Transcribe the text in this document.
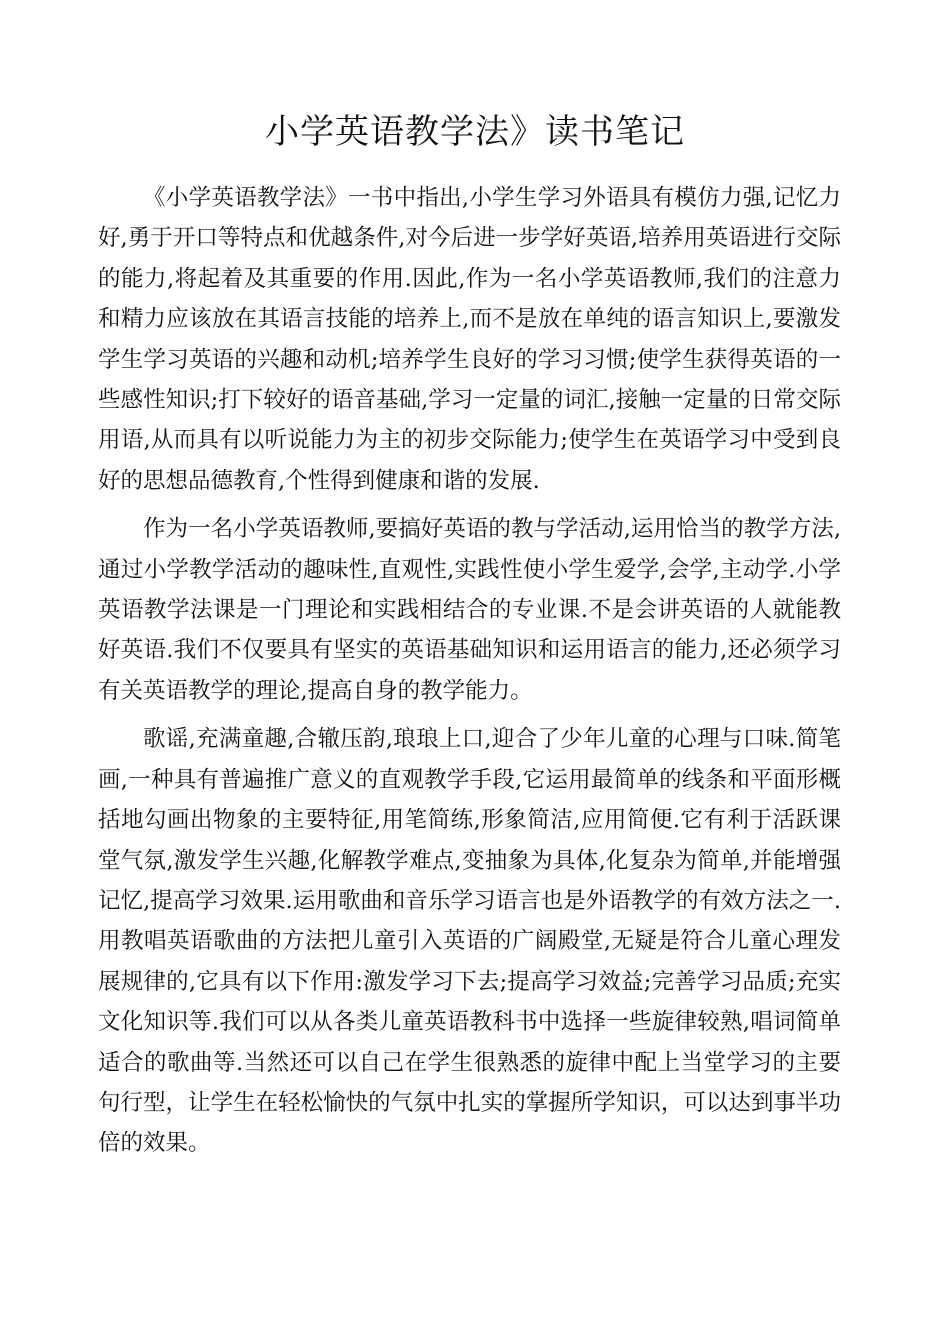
小学英语教学法》读书笔记

《小学英语教学法》一书中指出,小学生学习外语具有模仿力强,记忆力好,勇于开口等特点和优越条件,对今后进一步学好英语,培养用英语进行交际的能力,将起着及其重要的作用.因此,作为一名小学英语教师,我们的注意力和精力应该放在其语言技能的培养上,而不是放在单纯的语言知识上,要激发学生学习英语的兴趣和动机;培养学生良好的学习习惯;使学生获得英语的一些感性知识;打下较好的语音基础,学习一定量的词汇,接触一定量的日常交际用语,从而具有以听说能力为主的初步交际能力;使学生在英语学习中受到良好的思想品德教育,个性得到健康和谐的发展.

作为一名小学英语教师,要搞好英语的教与学活动,运用恰当的教学方法,通过小学教学活动的趣味性,直观性,实践性使小学生爱学,会学,主动学.小学英语教学法课是一门理论和实践相结合的专业课.不是会讲英语的人就能教好英语.我们不仅要具有坚实的英语基础知识和运用语言的能力,还必须学习有关英语教学的理论,提高自身的教学能力。

歌谣,充满童趣,合辙压韵,琅琅上口,迎合了少年儿童的心理与口味.简笔画,一种具有普遍推广意义的直观教学手段,它运用最简单的线条和平面形概括地勾画出物象的主要特征,用笔简练,形象简洁,应用简便.它有利于活跃课堂气氛,激发学生兴趣,化解教学难点,变抽象为具体,化复杂为简单,并能增强记忆,提高学习效果.运用歌曲和音乐学习语言也是外语教学的有效方法之一.用教唱英语歌曲的方法把儿童引入英语的广阔殿堂,无疑是符合儿童心理发展规律的,它具有以下作用:激发学习下去;提高学习效益;完善学习品质;充实文化知识等.我们可以从各类儿童英语教科书中选择一些旋律较熟,唱词简单适合的歌曲等.当然还可以自己在学生很熟悉的旋律中配上当堂学习的主要句行型，让学生在轻松愉快的气氛中扎实的掌握所学知识，可以达到事半功倍的效果。
